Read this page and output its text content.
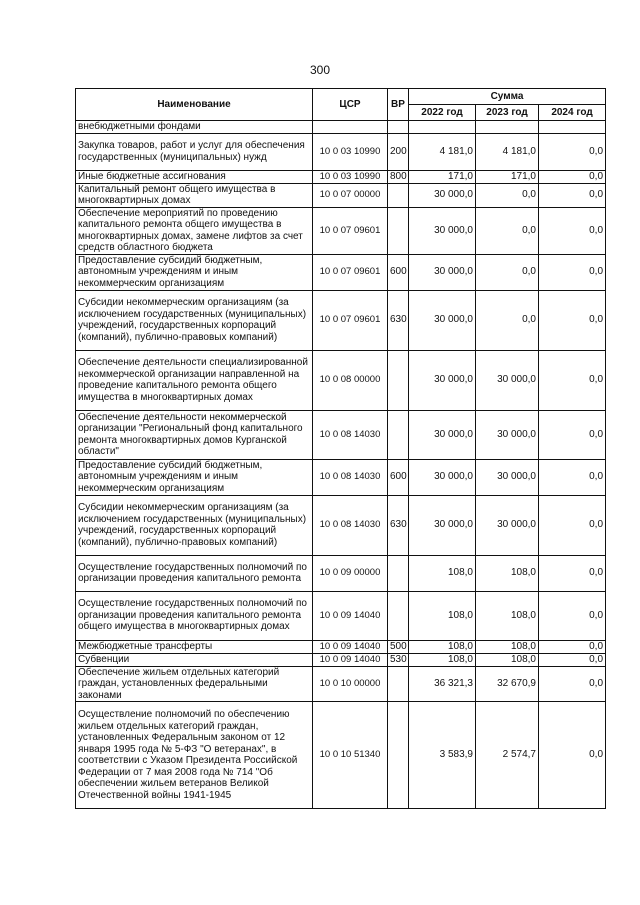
300
Наименование	ЦСР	ВР	Сумма		
			2022 год	2023 год	2024 год
внебюджетными фондами					
Закупка товаров, работ и услуг для обеспечения государственных (муниципальных) нужд	10 0 03 10990	200	4 181,0	4 181,0	0,0
Иные бюджетные ассигнования	10 0 03 10990	800	171,0	171,0	0,0
Капитальный ремонт общего имущества в многоквартирных домах	10 0 07 00000		30 000,0	0,0	0,0
Обеспечение мероприятий по проведению капитального ремонта общего имущества в многоквартирных домах, замене лифтов за счет средств областного бюджета	10 0 07 09601		30 000,0	0,0	0,0
Предоставление субсидий бюджетным, автономным учреждениям и иным некоммерческим организациям	10 0 07 09601	600	30 000,0	0,0	0,0
Субсидии некоммерческим организациям (за исключением государственных (муниципальных) учреждений, государственных корпораций (компаний), публично-правовых компаний)	10 0 07 09601	630	30 000,0	0,0	0,0
Обеспечение деятельности специализированной некоммерческой организации направленной на проведение капитального ремонта общего имущества в многоквартирных домах	10 0 08 00000		30 000,0	30 000,0	0,0
Обеспечение деятельности некоммерческой организации "Региональный фонд капитального ремонта многоквартирных домов Курганской области"	10 0 08 14030		30 000,0	30 000,0	0,0
Предоставление субсидий бюджетным, автономным учреждениям и иным некоммерческим организациям	10 0 08 14030	600	30 000,0	30 000,0	0,0
Субсидии некоммерческим организациям (за исключением государственных (муниципальных) учреждений, государственных корпораций (компаний), публично-правовых компаний)	10 0 08 14030	630	30 000,0	30 000,0	0,0
Осуществление государственных полномочий по организации проведения капитального ремонта	10 0 09 00000		108,0	108,0	0,0
Осуществление государственных полномочий по организации проведения капитального ремонта общего имущества в многоквартирных домах	10 0 09 14040		108,0	108,0	0,0
Межбюджетные трансферты	10 0 09 14040	500	108,0	108,0	0,0
Субвенции	10 0 09 14040	530	108,0	108,0	0,0
Обеспечение жильем отдельных категорий граждан, установленных федеральными законами	10 0 10 00000		36 321,3	32 670,9	0,0
Осуществление полномочий по обеспечению жильем отдельных категорий граждан, установленных Федеральным законом от 12 января 1995 года № 5-ФЗ "О ветеранах", в соответствии с Указом Президента Российской Федерации от 7 мая 2008 года № 714 "Об обеспечении жильем ветеранов Великой Отечественной войны 1941-1945	10 0 10 51340		3 583,9	2 574,7	0,0
